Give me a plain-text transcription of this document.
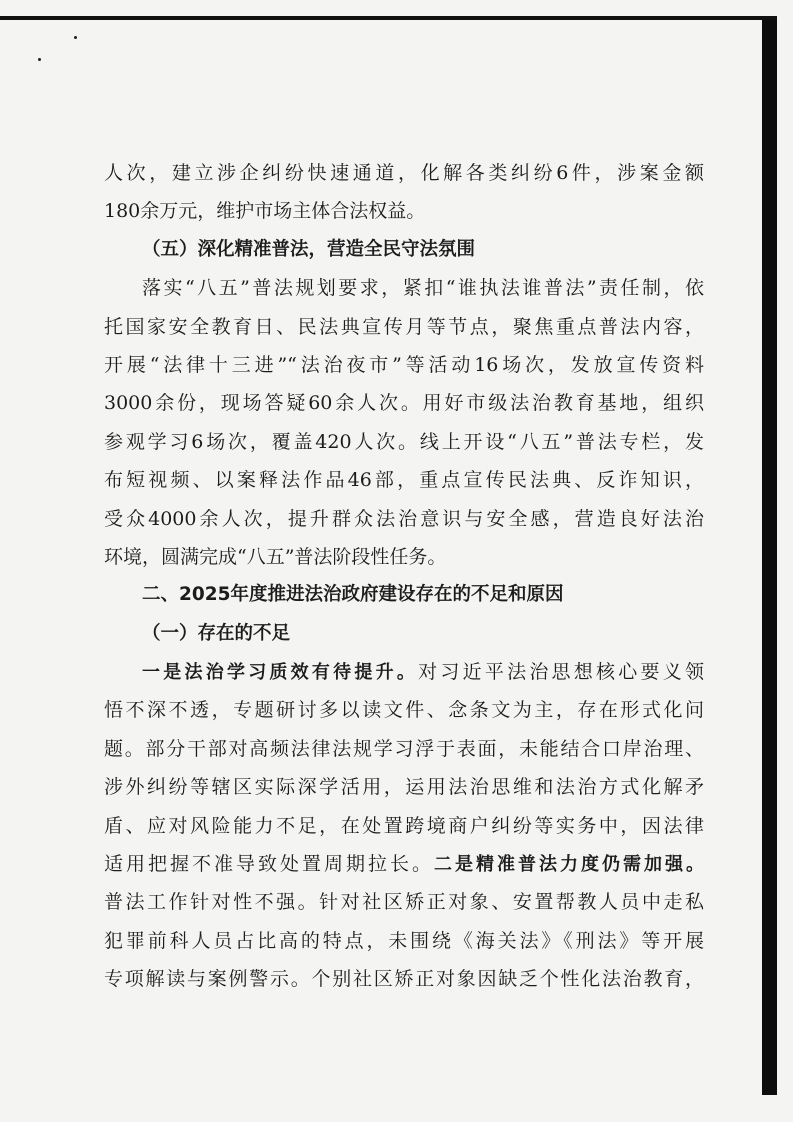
人次，建立涉企纠纷快速通道，化解各类纠纷6件，涉案金额
180余万元，维护市场主体合法权益。
（五）深化精准普法，营造全民守法氛围
落实“八五”普法规划要求，紧扣“谁执法谁普法”责任制，依
托国家安全教育日、民法典宣传月等节点，聚焦重点普法内容，
开展“法律十三进”“法治夜市”等活动16场次，发放宣传资料
3000余份，现场答疑60余人次。用好市级法治教育基地，组织
参观学习6场次，覆盖420人次。线上开设“八五”普法专栏，发
布短视频、以案释法作品46部，重点宣传民法典、反诈知识，
受众4000余人次，提升群众法治意识与安全感，营造良好法治
环境，圆满完成“八五”普法阶段性任务。
二、2025年度推进法治政府建设存在的不足和原因
（一）存在的不足
一是法治学习质效有待提升。对习近平法治思想核心要义领
悟不深不透，专题研讨多以读文件、念条文为主，存在形式化问
题。部分干部对高频法律法规学习浮于表面，未能结合口岸治理、
涉外纠纷等辖区实际深学活用，运用法治思维和法治方式化解矛
盾、应对风险能力不足，在处置跨境商户纠纷等实务中，因法律
适用把握不准导致处置周期拉长。二是精准普法力度仍需加强。
普法工作针对性不强。针对社区矫正对象、安置帮教人员中走私
犯罪前科人员占比高的特点，未围绕《海关法》《刑法》等开展
专项解读与案例警示。个别社区矫正对象因缺乏个性化法治教育，
